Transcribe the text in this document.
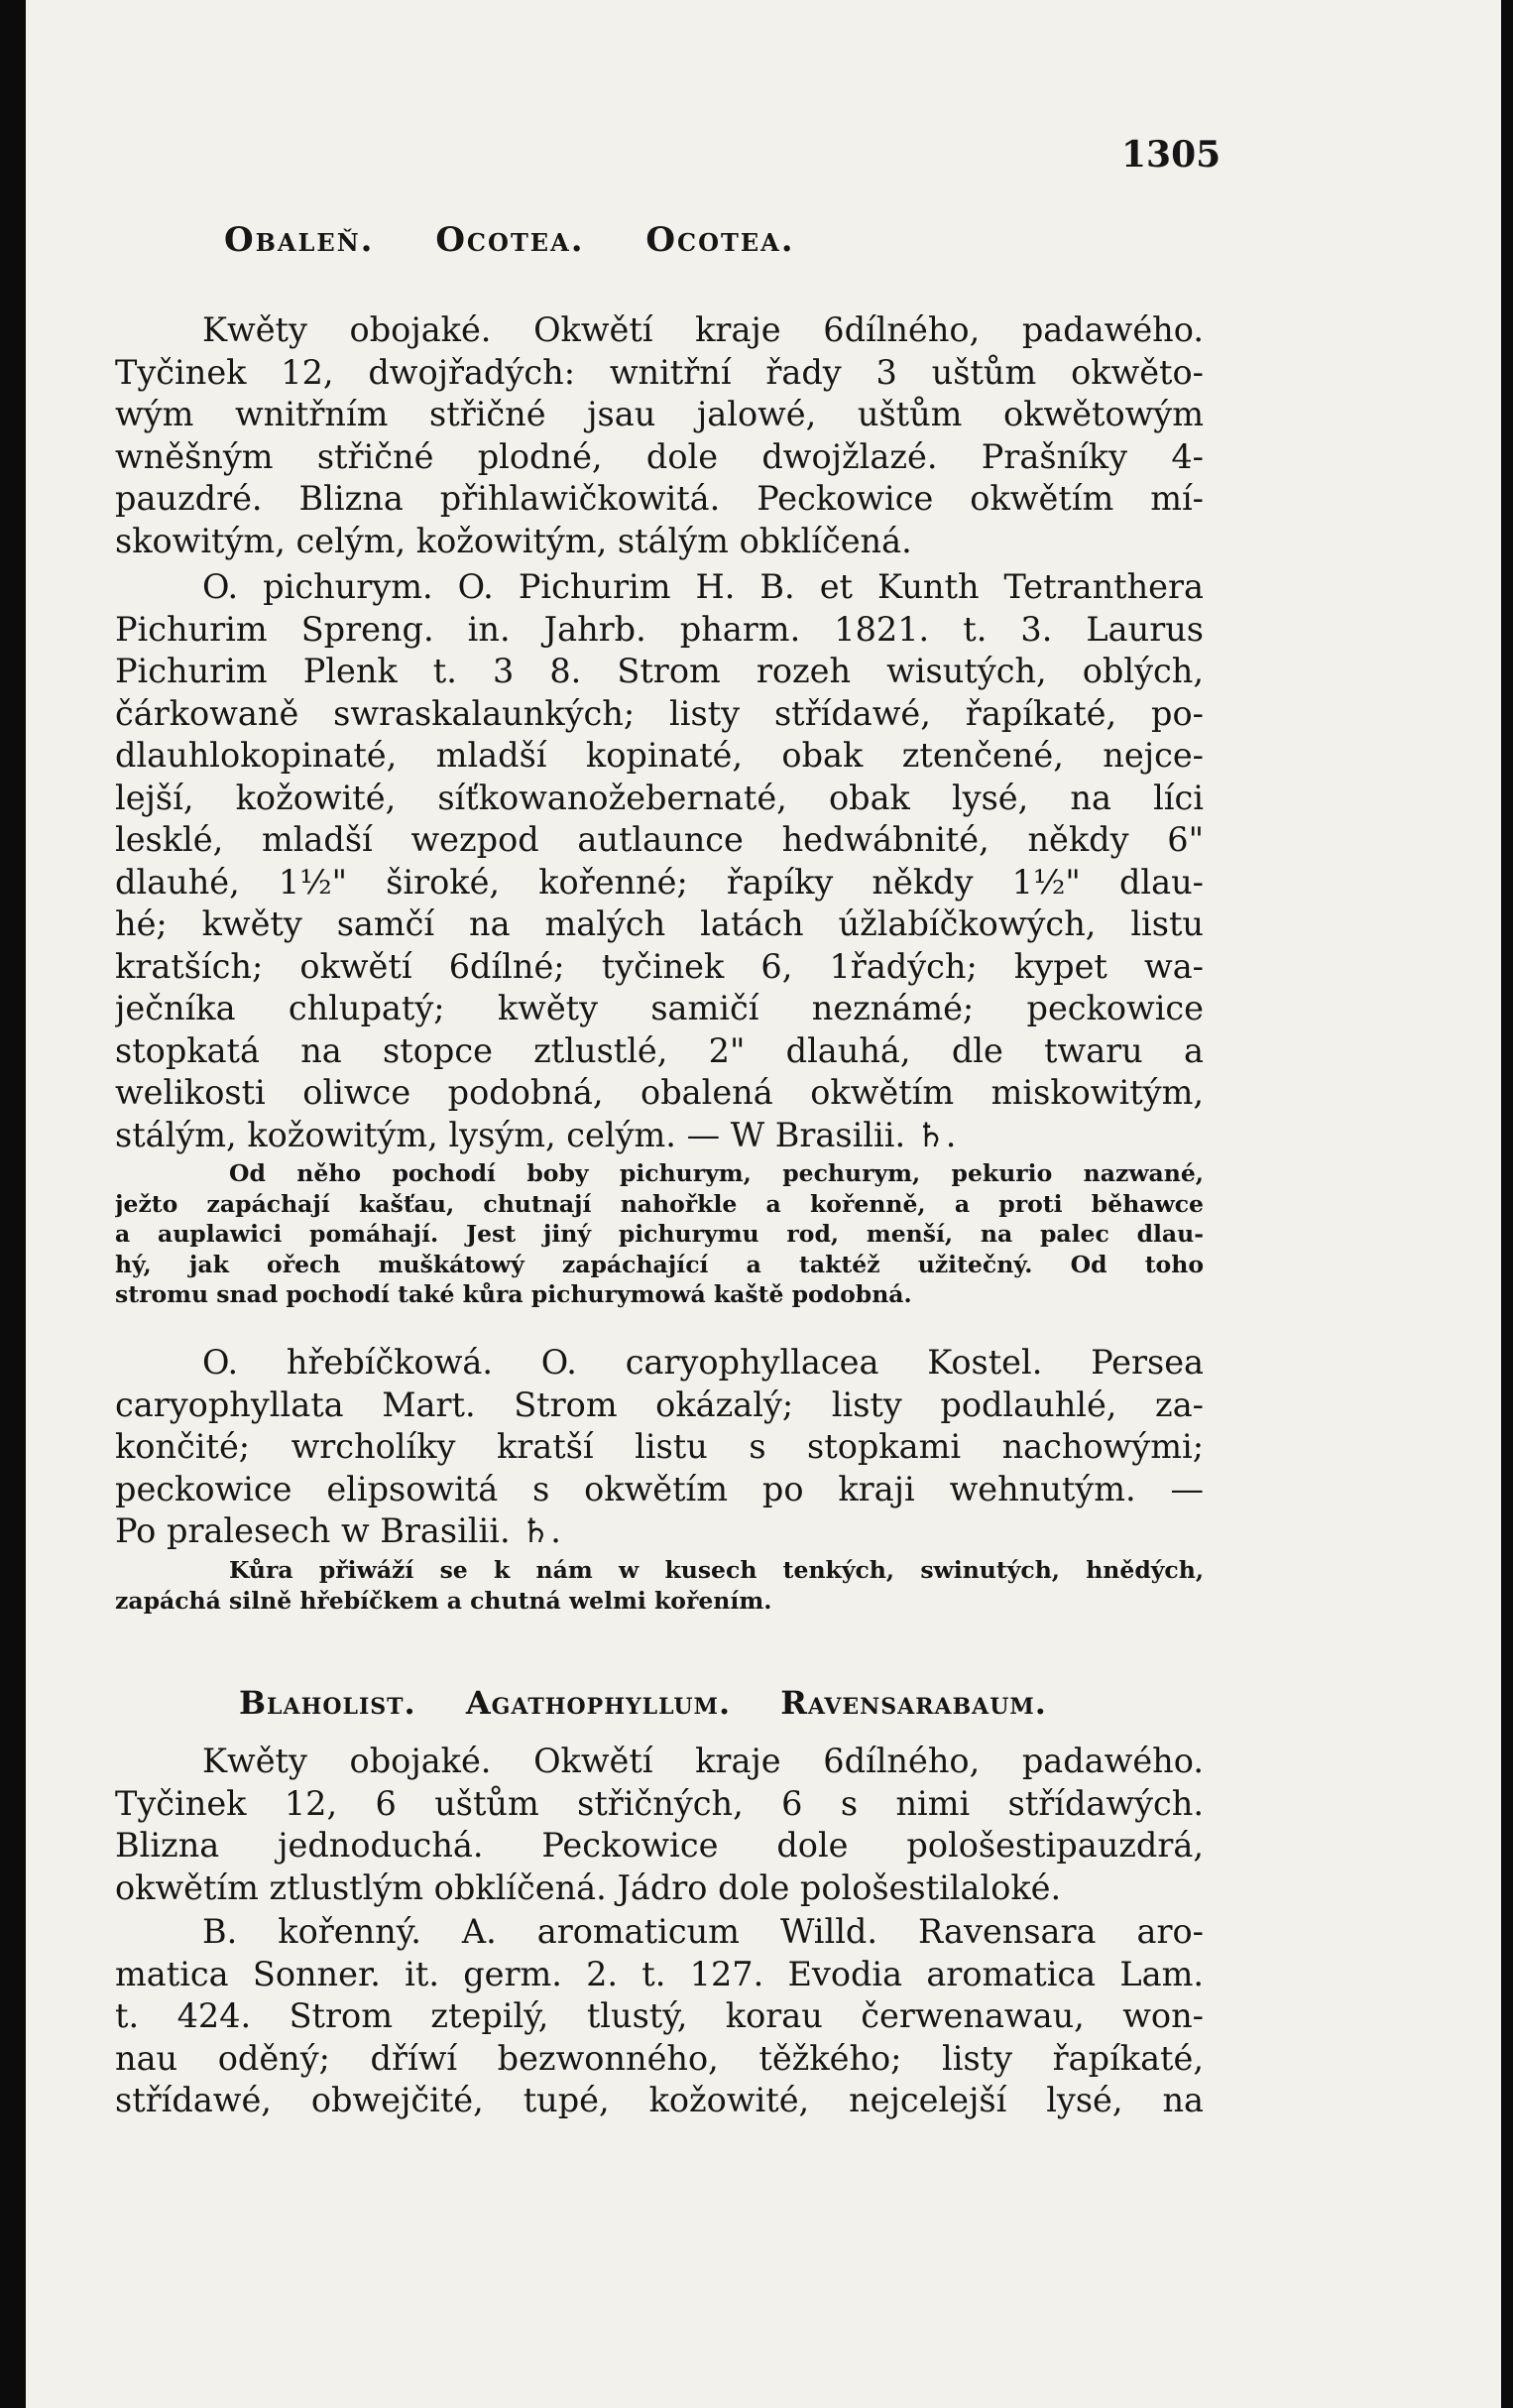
1305
Obaleň. Ocotea. Ocotea.
Kwěty obojaké. Okwětí kraje 6dílného, padawého.
Tyčinek 12, dwojřadých: wnitřní řady 3 uštům okwěto-
wým wnitřním střičné jsau jalowé, uštům okwětowým
wněšným střičné plodné, dole dwojžlazé. Prašníky 4-
pauzdré. Blizna přihlawičkowitá. Peckowice okwětím mí-
skowitým, celým, kožowitým, stálým obklíčená.
O. pichurym. O. Pichurim H. B. et Kunth Tetranthera
Pichurim Spreng. in. Jahrb. pharm. 1821. t. 3. Laurus
Pichurim Plenk t. 3 8. Strom rozeh wisutých, oblých,
čárkowaně swraskalaunkých; listy střídawé, řapíkaté, po-
dlauhlokopinaté, mladší kopinaté, obak ztenčené, nejce-
lejší, kožowité, síťkowanožebernaté, obak lysé, na líci
lesklé, mladší wezpod autlaunce hedwábnité, někdy 6"
dlauhé, 1½" široké, kořenné; řapíky někdy 1½" dlau-
hé; kwěty samčí na malých latách úžlabíčkowých, listu
kratších; okwětí 6dílné; tyčinek 6, 1řadých; kypet wa-
ječníka chlupatý; kwěty samičí neznámé; peckowice
stopkatá na stopce ztlustlé, 2" dlauhá, dle twaru a
welikosti oliwce podobná, obalená okwětím miskowitým,
stálým, kožowitým, lysým, celým. — W Brasilii. ♄.
Od něho pochodí boby pichurym, pechurym, pekurio nazwané,
ježto zapáchají kašťau, chutnají nahořkle a kořenně, a proti běhawce
a auplawici pomáhají. Jest jiný pichurymu rod, menší, na palec dlau-
hý, jak ořech muškátowý zapáchající a taktéž užitečný. Od toho
stromu snad pochodí také kůra pichurymowá kaště podobná.
O. hřebíčkowá. O. caryophyllacea Kostel. Persea
caryophyllata Mart. Strom okázalý; listy podlauhlé, za-
končité; wrcholíky kratší listu s stopkami nachowými;
peckowice elipsowitá s okwětím po kraji wehnutým. —
Po pralesech w Brasilii. ♄.
Kůra přiwáží se k nám w kusech tenkých, swinutých, hnědých,
zapáchá silně hřebíčkem a chutná welmi kořením.
Blaholist. Agathophyllum. Ravensarabaum.
Kwěty obojaké. Okwětí kraje 6dílného, padawého.
Tyčinek 12, 6 uštům střičných, 6 s nimi střídawých.
Blizna jednoduchá. Peckowice dole pološestipauzdrá,
okwětím ztlustlým obklíčená. Jádro dole pološestilaloké.
B. kořenný. A. aromaticum Willd. Ravensara aro-
matica Sonner. it. germ. 2. t. 127. Evodia aromatica Lam.
t. 424. Strom ztepilý, tlustý, korau čerwenawau, won-
nau oděný; dříwí bezwonného, těžkého; listy řapíkaté,
střídawé, obwejčité, tupé, kožowité, nejcelejší lysé, na
